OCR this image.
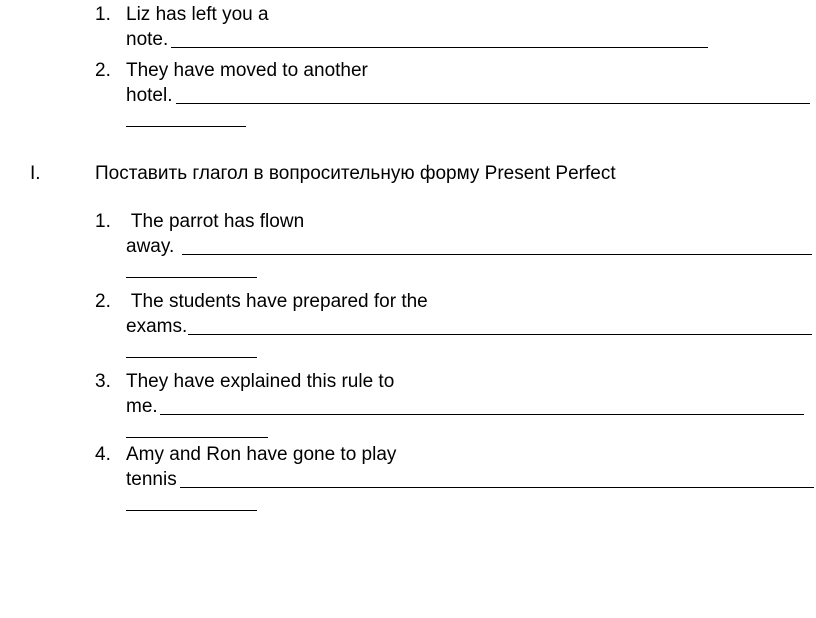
1. Liz has left you a
note.
2. They have moved to another
hotel.
I.	Поставить глагол в вопросительную форму Present Perfect
1. The parrot has flown
away.
2. The students have prepared for the
exams.
3. They have explained this rule to
me.
4. Amy and Ron have gone to play
tennis
